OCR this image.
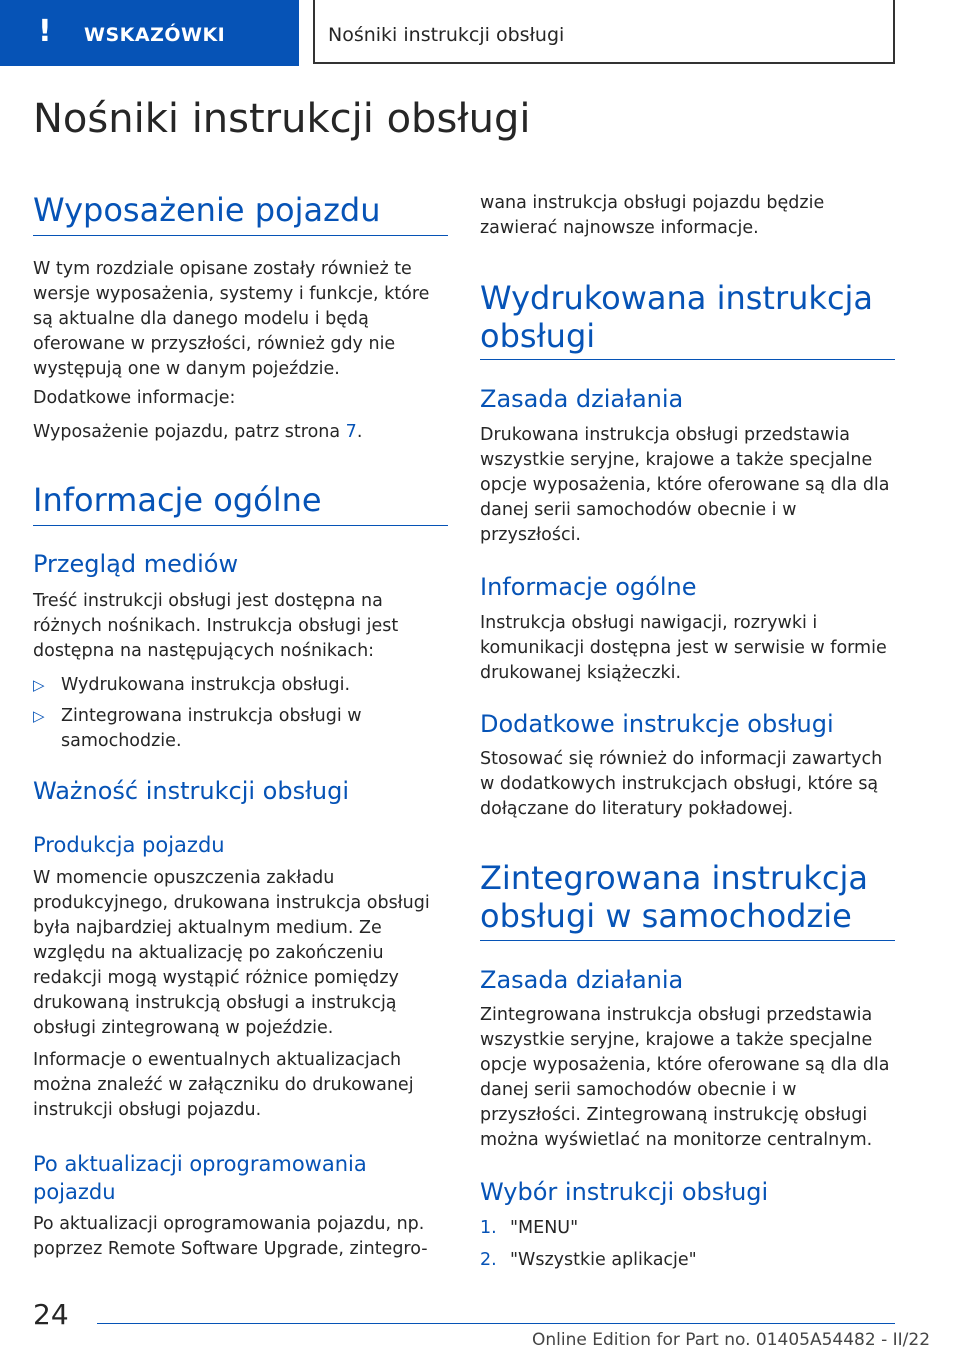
! WSKAZÓWKI	Nośniki instrukcji obsługi
Nośniki instrukcji obsługi
Wyposażenie pojazdu
W tym rozdziale opisane zostały również te wersje wyposażenia, systemy i funkcje, które są aktualne dla danego modelu i będą oferowane w przyszłości, również gdy nie występują one w danym pojeździe.
Dodatkowe informacje:
Wyposażenie pojazdu, patrz strona 7.
Informacje ogólne
Przegląd mediów
Treść instrukcji obsługi jest dostępna na różnych nośnikach. Instrukcja obsługi jest dostępna na następujących nośnikach:
▷ Wydrukowana instrukcja obsługi.
▷ Zintegrowana instrukcja obsługi w samochodzie.
Ważność instrukcji obsługi
Produkcja pojazdu
W momencie opuszczenia zakładu produkcyjnego, drukowana instrukcja obsługi była najbardziej aktualnym medium. Ze względu na aktualizację po zakończeniu redakcji mogą wystąpić różnice pomiędzy drukowaną instrukcją obsługi a instrukcją obsługi zintegrowaną w pojeździe.
Informacje o ewentualnych aktualizacjach można znaleźć w załączniku do drukowanej instrukcji obsługi pojazdu.
Po aktualizacji oprogramowania pojazdu
Po aktualizacji oprogramowania pojazdu, np. poprzez Remote Software Upgrade, zintegro-
wana instrukcja obsługi pojazdu będzie zawierać najnowsze informacje.
Wydrukowana instrukcja obsługi
Zasada działania
Drukowana instrukcja obsługi przedstawia wszystkie seryjne, krajowe a także specjalne opcje wyposażenia, które oferowane są dla dla danej serii samochodów obecnie i w przyszłości.
Informacje ogólne
Instrukcja obsługi nawigacji, rozrywki i komunikacji dostępna jest w serwisie w formie drukowanej książeczki.
Dodatkowe instrukcje obsługi
Stosować się również do informacji zawartych w dodatkowych instrukcjach obsługi, które są dołączane do literatury pokładowej.
Zintegrowana instrukcja obsługi w samochodzie
Zasada działania
Zintegrowana instrukcja obsługi przedstawia wszystkie seryjne, krajowe a także specjalne opcje wyposażenia, które oferowane są dla dla danej serii samochodów obecnie i w przyszłości. Zintegrowaną instrukcję obsługi można wyświetlać na monitorze centralnym.
Wybór instrukcji obsługi
1. "MENU"
2. "Wszystkie aplikacje"
24
Online Edition for Part no. 01405A54482 - II/22
